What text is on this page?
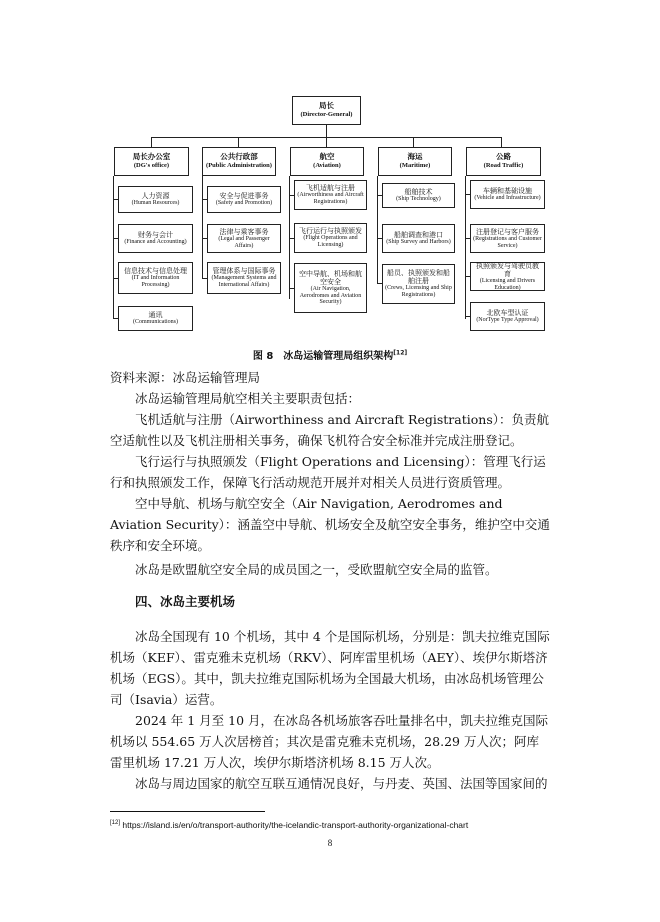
局长
(Director-General)
局长办公室
(DG's office)
公共行政部
(Public Administration)
航空
(Aviation)
海运
(Maritime)
公路
(Road Traffic)
人力资源
(Human Resources)
财务与会计
(Finance and Accounting)
信息技术与信息处理
(IT and Information Processing)
通讯
(Communications)
安全与促进事务
(Safety and Promotion)
法律与乘客事务
(Legal and Passenger Affairs)
管理体系与国际事务
(Management Systems and International Affairs)
飞机适航与注册
(Airworthiness and Aircraft Registrations)
飞行运行与执照颁发
(Flight Operations and Licensing)
空中导航、机场和航空安全
(Air Navigation, Aerodromes and Aviation Security)
船舶技术
(Ship Technology)
船舶调查和港口
(Ship Survey and Harbors)
船员、执照颁发和船舶注册
(Crews, Licensing and Ship Registrations)
车辆和基础设施
(Vehicle and Infrastructure)
注册登记与客户服务
(Registrations and Customer Service)
执照颁发与驾驶员教育
(Licensing and Drivers Education)
北欧车型认证
(NorType Type Approval)
图 8　冰岛运输管理局组织架构[12]
资料来源：冰岛运输管理局
冰岛运输管理局航空相关主要职责包括：
飞机适航与注册（Airworthiness and Aircraft Registrations）：负责航空适航性以及飞机注册相关事务，确保飞机符合安全标准并完成注册登记。
飞行运行与执照颁发（Flight Operations and Licensing）：管理飞行运行和执照颁发工作，保障飞行活动规范开展并对相关人员进行资质管理。
空中导航、机场与航空安全（Air Navigation, Aerodromes and Aviation Security）：涵盖空中导航、机场安全及航空安全事务，维护空中交通秩序和安全环境。
冰岛是欧盟航空安全局的成员国之一，受欧盟航空安全局的监管。
四、冰岛主要机场
冰岛全国现有 10 个机场，其中 4 个是国际机场，分别是：凯夫拉维克国际机场（KEF）、雷克雅未克机场（RKV）、阿库雷里机场（AEY）、埃伊尔斯塔济机场（EGS）。其中，凯夫拉维克国际机场为全国最大机场，由冰岛机场管理公司（Isavia）运营。
2024 年 1 月至 10 月，在冰岛各机场旅客吞吐量排名中，凯夫拉维克国际机场以 554.65 万人次居榜首；其次是雷克雅未克机场，28.29 万人次；阿库雷里机场 17.21 万人次，埃伊尔斯塔济机场 8.15 万人次。
冰岛与周边国家的航空互联互通情况良好，与丹麦、英国、法国等国家间的
[12] https://island.is/en/o/transport-authority/the-icelandic-transport-authority-organizational-chart
8
